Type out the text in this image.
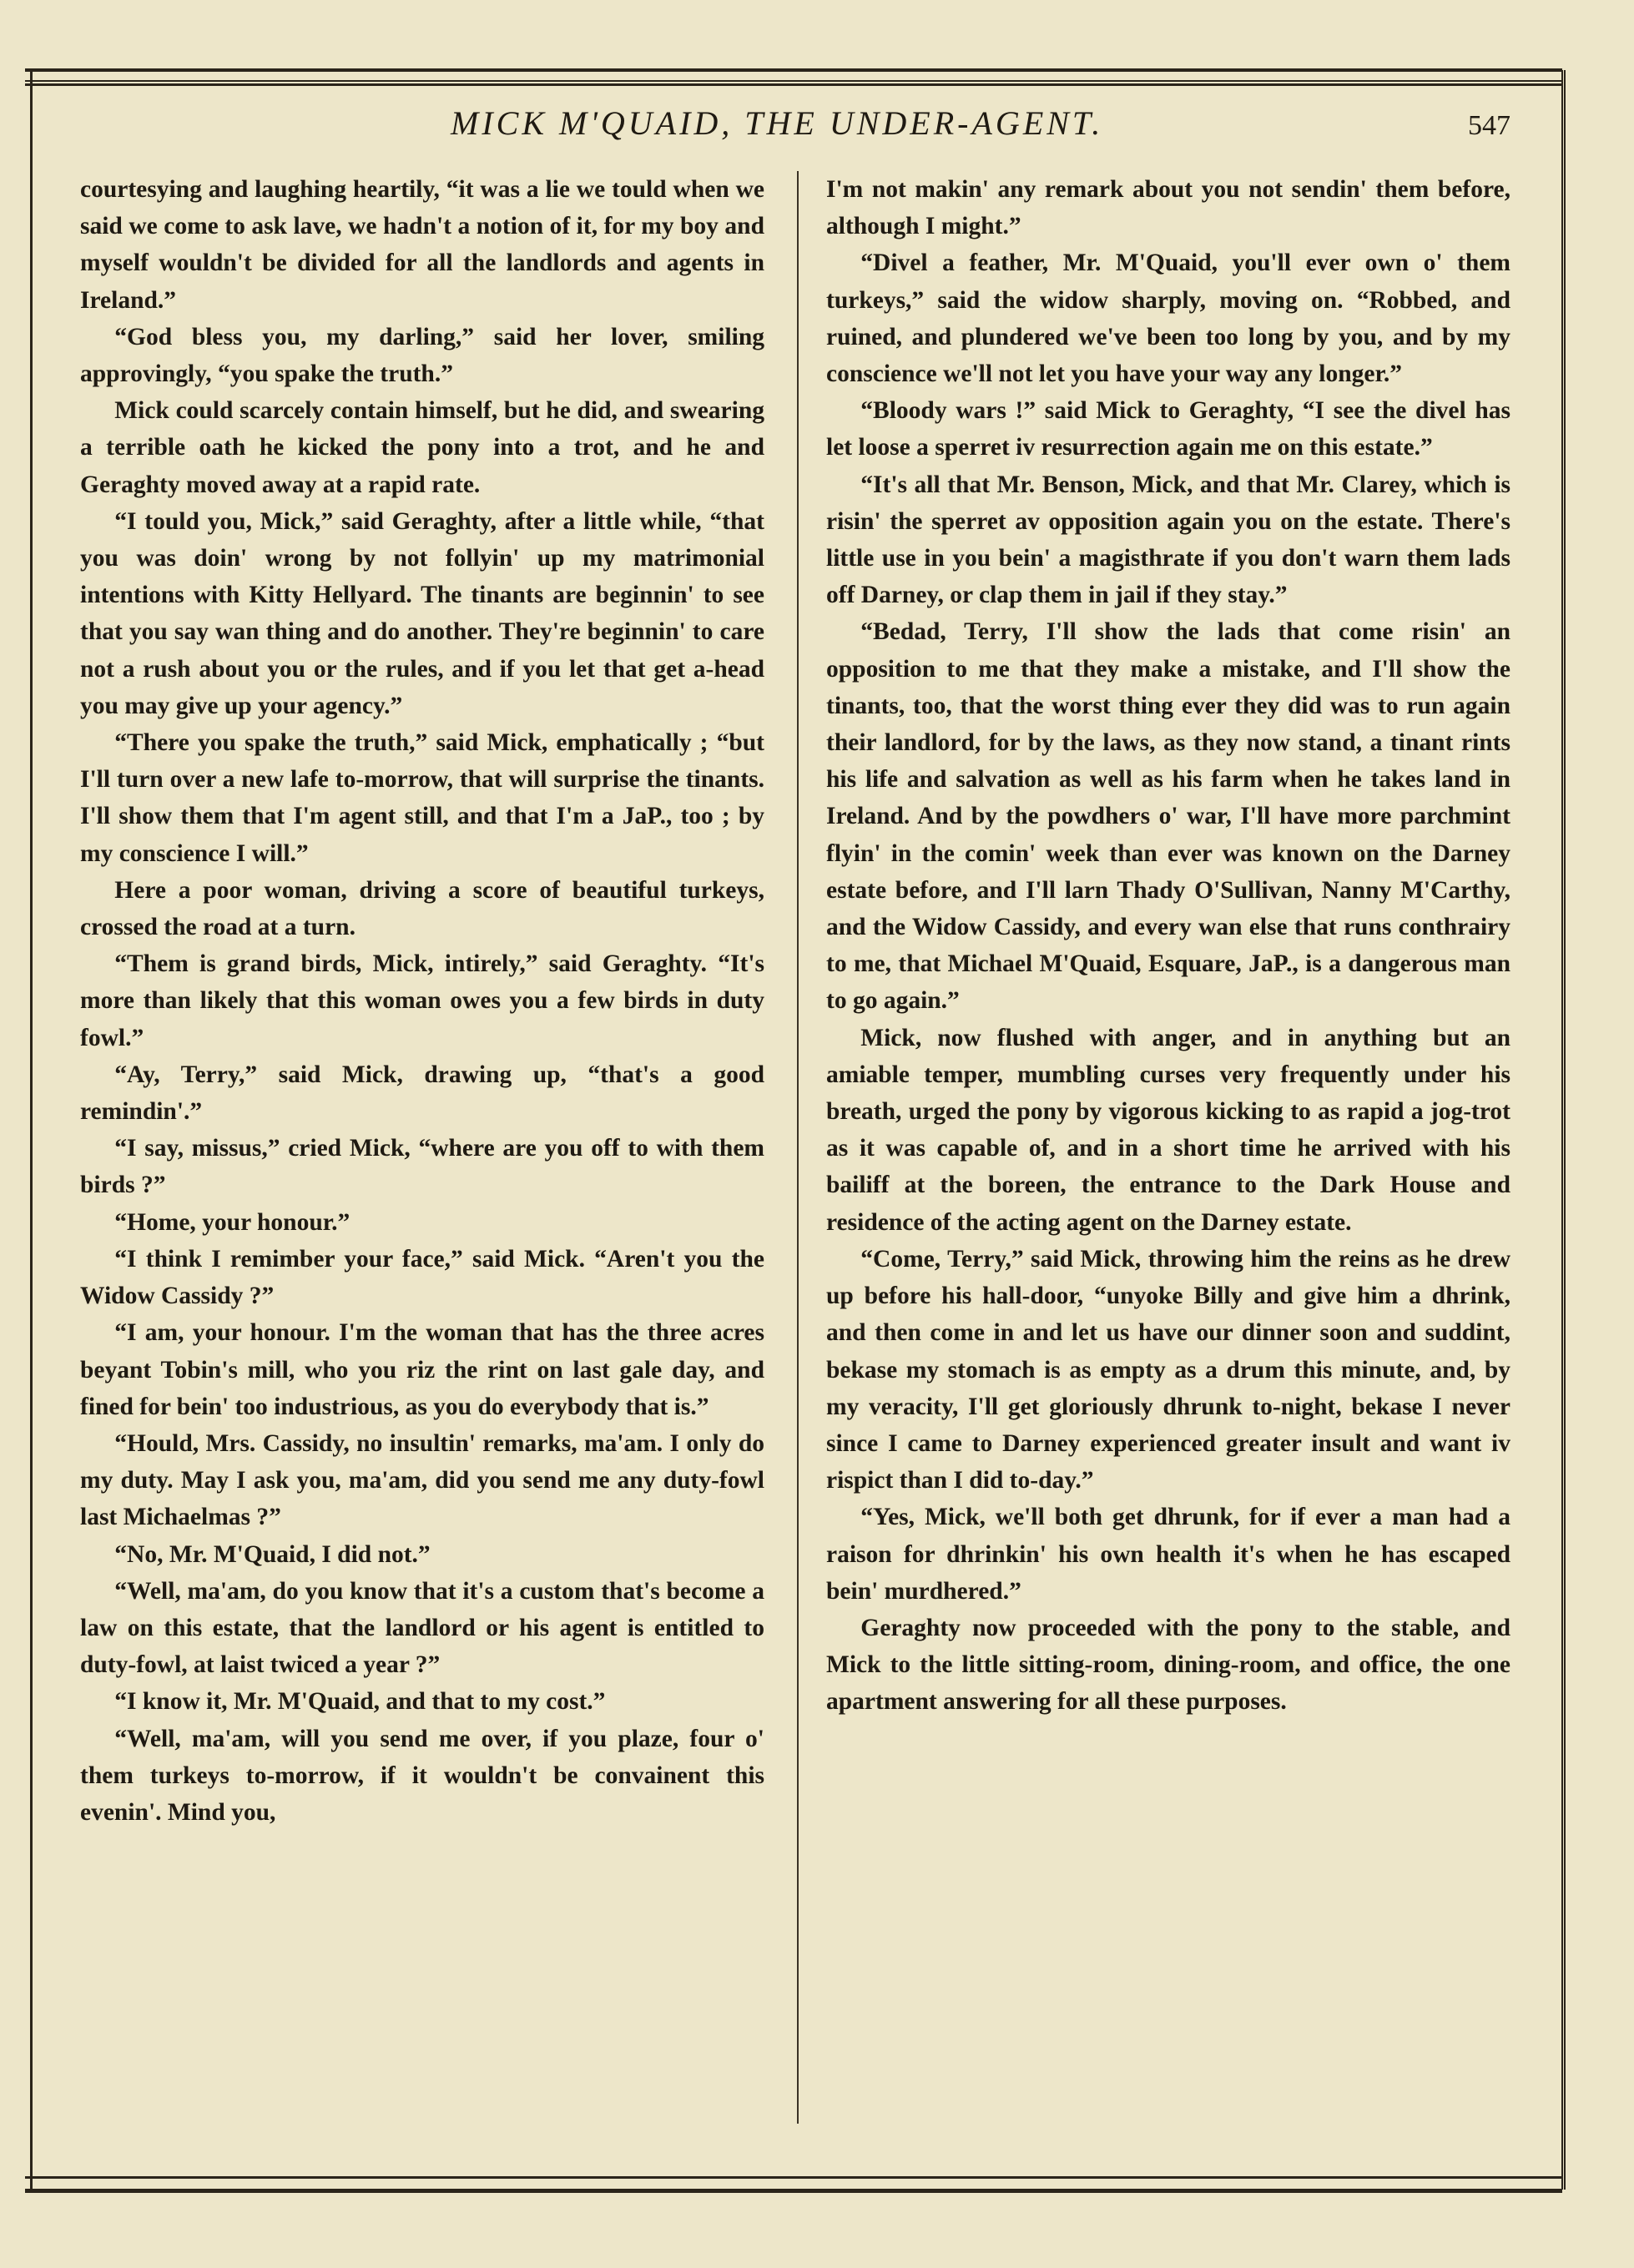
MICK M'QUAID, THE UNDER-AGENT.	547

courtesying and laughing heartily, “it was a lie we tould when we said we come to ask lave, we hadn't a notion of it, for my boy and myself wouldn't be divided for all the landlords and agents in Ireland.”

“God bless you, my darling,” said her lover, smiling approvingly, “you spake the truth.”

Mick could scarcely contain himself, but he did, and swearing a terrible oath he kicked the pony into a trot, and he and Geraghty moved away at a rapid rate.

“I tould you, Mick,” said Geraghty, after a little while, “that you was doin' wrong by not follyin' up my matrimonial intentions with Kitty Hellyard. The tinants are beginnin' to see that you say wan thing and do another. They're beginnin' to care not a rush about you or the rules, and if you let that get a-head you may give up your agency.”

“There you spake the truth,” said Mick, emphatically ; “but I'll turn over a new lafe to-morrow, that will surprise the tinants. I'll show them that I'm agent still, and that I'm a JaP., too ; by my conscience I will.”

Here a poor woman, driving a score of beautiful turkeys, crossed the road at a turn.

“Them is grand birds, Mick, intirely,” said Geraghty. “It's more than likely that this woman owes you a few birds in duty fowl.”

“Ay, Terry,” said Mick, drawing up, “that's a good remindin'.”

“I say, missus,” cried Mick, “where are you off to with them birds ?”

“Home, your honour.”

“I think I remimber your face,” said Mick. “Aren't you the Widow Cassidy ?”

“I am, your honour. I'm the woman that has the three acres beyant Tobin's mill, who you riz the rint on last gale day, and fined for bein' too industrious, as you do everybody that is.”

“Hould, Mrs. Cassidy, no insultin' remarks, ma'am. I only do my duty. May I ask you, ma'am, did you send me any duty-fowl last Michaelmas ?”

“No, Mr. M'Quaid, I did not.”

“Well, ma'am, do you know that it's a custom that's become a law on this estate, that the landlord or his agent is entitled to duty-fowl, at laist twiced a year ?”

“I know it, Mr. M'Quaid, and that to my cost.”

“Well, ma'am, will you send me over, if you plaze, four o' them turkeys to-morrow, if it wouldn't be convainent this evenin'. Mind you,

I'm not makin' any remark about you not sendin' them before, although I might.”

“Divel a feather, Mr. M'Quaid, you'll ever own o' them turkeys,” said the widow sharply, moving on. “Robbed, and ruined, and plundered we've been too long by you, and by my conscience we'll not let you have your way any longer.”

“Bloody wars !” said Mick to Geraghty, “I see the divel has let loose a sperret iv resurrection again me on this estate.”

“It's all that Mr. Benson, Mick, and that Mr. Clarey, which is risin' the sperret av opposition again you on the estate. There's little use in you bein' a magisthrate if you don't warn them lads off Darney, or clap them in jail if they stay.”

“Bedad, Terry, I'll show the lads that come risin' an opposition to me that they make a mistake, and I'll show the tinants, too, that the worst thing ever they did was to run again their landlord, for by the laws, as they now stand, a tinant rints his life and salvation as well as his farm when he takes land in Ireland. And by the powdhers o' war, I'll have more parchmint flyin' in the comin' week than ever was known on the Darney estate before, and I'll larn Thady O'Sullivan, Nanny M'Carthy, and the Widow Cassidy, and every wan else that runs conthrairy to me, that Michael M'Quaid, Esquare, JaP., is a dangerous man to go again.”

Mick, now flushed with anger, and in anything but an amiable temper, mumbling curses very frequently under his breath, urged the pony by vigorous kicking to as rapid a jog-trot as it was capable of, and in a short time he arrived with his bailiff at the boreen, the entrance to the Dark House and residence of the acting agent on the Darney estate.

“Come, Terry,” said Mick, throwing him the reins as he drew up before his hall-door, “unyoke Billy and give him a dhrink, and then come in and let us have our dinner soon and suddint, bekase my stomach is as empty as a drum this minute, and, by my veracity, I'll get gloriously dhrunk to-night, bekase I never since I came to Darney experienced greater insult and want iv rispict than I did to-day.”

“Yes, Mick, we'll both get dhrunk, for if ever a man had a raison for dhrinkin' his own health it's when he has escaped bein' murdhered.”

Geraghty now proceeded with the pony to the stable, and Mick to the little sitting-room, dining-room, and office, the one apartment answering for all these purposes.
